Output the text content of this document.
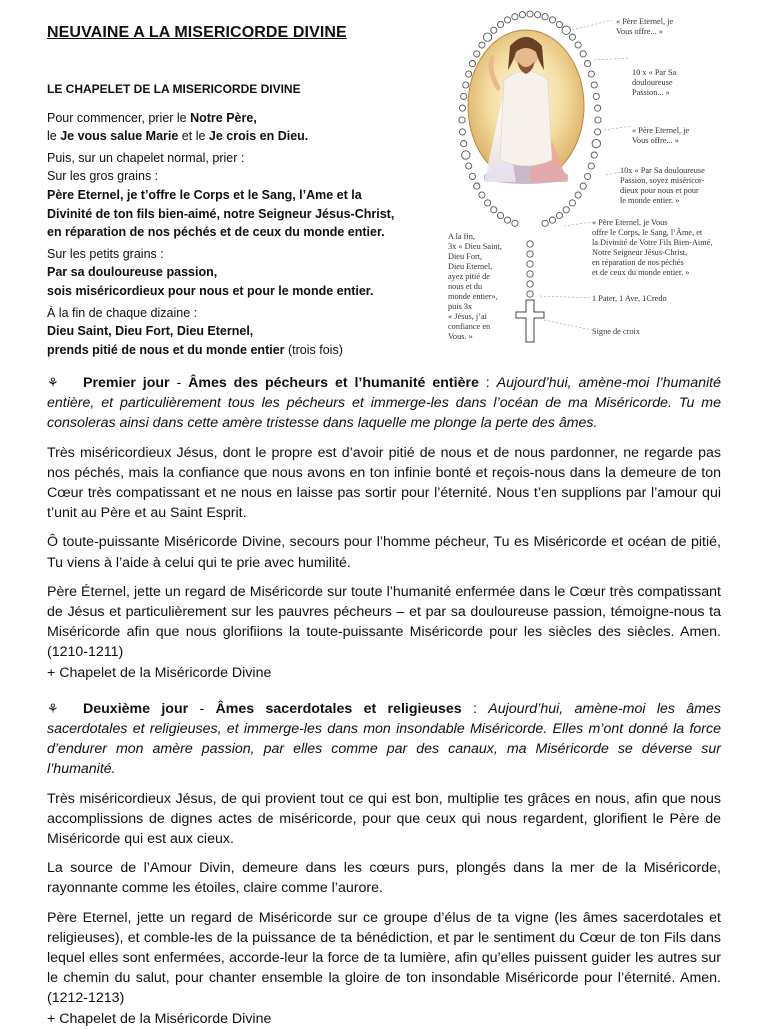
NEUVAINE A LA MISERICORDE DIVINE

LE CHAPELET DE LA MISERICORDE DIVINE

Pour commencer, prier le Notre Père,

le Je vous salue Marie et le Je crois en Dieu.

Puis, sur un chapelet normal, prier :

Sur les gros grains :

Père Eternel, je t’offre le Corps et le Sang, l’Ame et la

Divinité de ton fils bien-aimé, notre Seigneur Jésus-Christ,

en réparation de nos péchés et de ceux du monde entier.

Sur les petits grains :

Par sa douloureuse passion,

sois miséricordieux pour nous et pour le monde entier.

À la fin de chaque dizaine :

Dieu Saint, Dieu Fort, Dieu Eternel,

prends pitié de nous et du monde entier (trois fois)

« Père Eternel, je
Vous offre... »
10 x « Par Sa
douloureuse
Passion... »
« Père Eternel, je
Vous offre... »
10x « Par Sa douloureuse
Passion, soyez miséricor-
dieux pour nous et pour
le monde entier. »
« Père Eternel, je Vous
offre le Corps, le Sang, l’Âme, et
la Divinité de Votre Fils Bien-Aimé,
Notre Seigneur Jésus-Christ,
en réparation de nos péchés
et de ceux du monde entier. »
A la fin,
3x « Dieu Saint,
Dieu Fort,
Dieu Eternel,
ayez pitié de
nous et du
monde entier»,
puis 3x
« Jésus, j’ai
confiance en
Vous. »
1 Pater, 1 Ave, 1Credo
Signe de croix

⚘ Premier jour - Âmes des pécheurs et l’humanité entière : Aujourd’hui, amène-moi l’humanité entière, et particulièrement tous les pécheurs et immerge-les dans l’océan de ma Miséricorde. Tu me consoleras ainsi dans cette amère tristesse dans laquelle me plonge la perte des âmes.

Très miséricordieux Jésus, dont le propre est d’avoir pitié de nous et de nous pardonner, ne regarde pas nos péchés, mais la confiance que nous avons en ton infinie bonté et reçois-nous dans la demeure de ton Cœur très compatissant et ne nous en laisse pas sortir pour l’éternité. Nous t’en supplions par l’amour qui t’unit au Père et au Saint Esprit.

Ô toute-puissante Miséricorde Divine, secours pour l’homme pécheur, Tu es Miséricorde et océan de pitié, Tu viens à l’aide à celui qui te prie avec humilité.

Père Éternel, jette un regard de Miséricorde sur toute l’humanité enfermée dans le Cœur très compatissant de Jésus et particulièrement sur les pauvres pécheurs – et par sa douloureuse passion, témoigne-nous ta Miséricorde afin que nous glorifiions la toute-puissante Miséricorde pour les siècles des siècles. Amen. (1210-1211)

+ Chapelet de la Miséricorde Divine

⚘ Deuxième jour - Âmes sacerdotales et religieuses : Aujourd’hui, amène-moi les âmes sacerdotales et religieuses, et immerge-les dans mon insondable Miséricorde. Elles m’ont donné la force d’endurer mon amère passion, par elles comme par des canaux, ma Miséricorde se déverse sur l’humanité.

Très miséricordieux Jésus, de qui provient tout ce qui est bon, multiplie tes grâces en nous, afin que nous accomplissions de dignes actes de miséricorde, pour que ceux qui nous regardent, glorifient le Père de Miséricorde qui est aux cieux.

La source de l’Amour Divin, demeure dans les cœurs purs, plongés dans la mer de la Miséricorde, rayonnante comme les étoiles, claire comme l’aurore.

Père Eternel, jette un regard de Miséricorde sur ce groupe d’élus de ta vigne (les âmes sacerdotales et religieuses), et comble-les de la puissance de ta bénédiction, et par le sentiment du Cœur de ton Fils dans lequel elles sont enfermées, accorde-leur la force de ta lumière, afin qu’elles puissent guider les autres sur le chemin du salut, pour chanter ensemble la gloire de ton insondable Miséricorde pour l’éternité. Amen. (1212-1213)

+ Chapelet de la Miséricorde Divine
